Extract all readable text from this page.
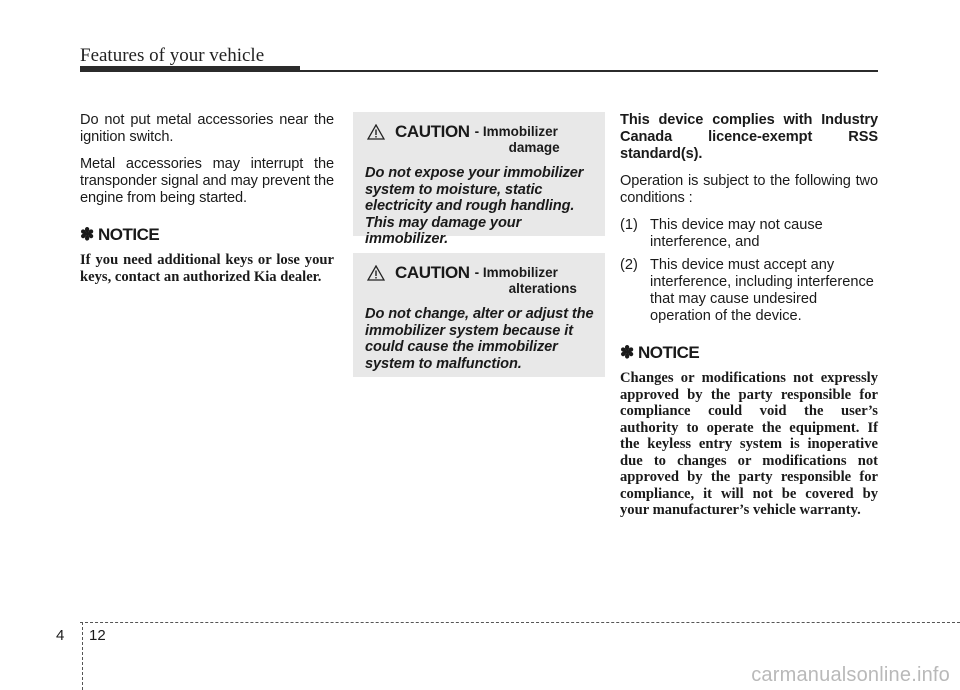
Features of your vehicle

Do not put metal accessories near the ignition switch.

Metal accessories may interrupt the transponder signal and may prevent the engine from being started.

✽ NOTICE

If you need additional keys or lose your keys, contact an authorized Kia dealer.

CAUTION - Immobilizer
damage

Do not expose your immobilizer system to moisture, static electricity and rough handling. This may damage your immobilizer.

CAUTION - Immobilizer
alterations

Do not change, alter or adjust the immobilizer system because it could cause the immobilizer system to malfunction.

This device complies with Industry Canada licence-exempt RSS standard(s).

Operation is subject to the following two conditions :

(1) This device may not cause interference, and
(2) This device must accept any interference, including interference that may cause undesired operation of the device.
✽ NOTICE

Changes or modifications not expressly approved by the party responsible for compliance could void the user’s authority to operate the equipment. If the keyless entry system is inoperative due to changes or modifications not approved by the party responsible for compliance, it will not be covered by your manufacturer’s vehicle warranty.

4 12
carmanualsonline.info
